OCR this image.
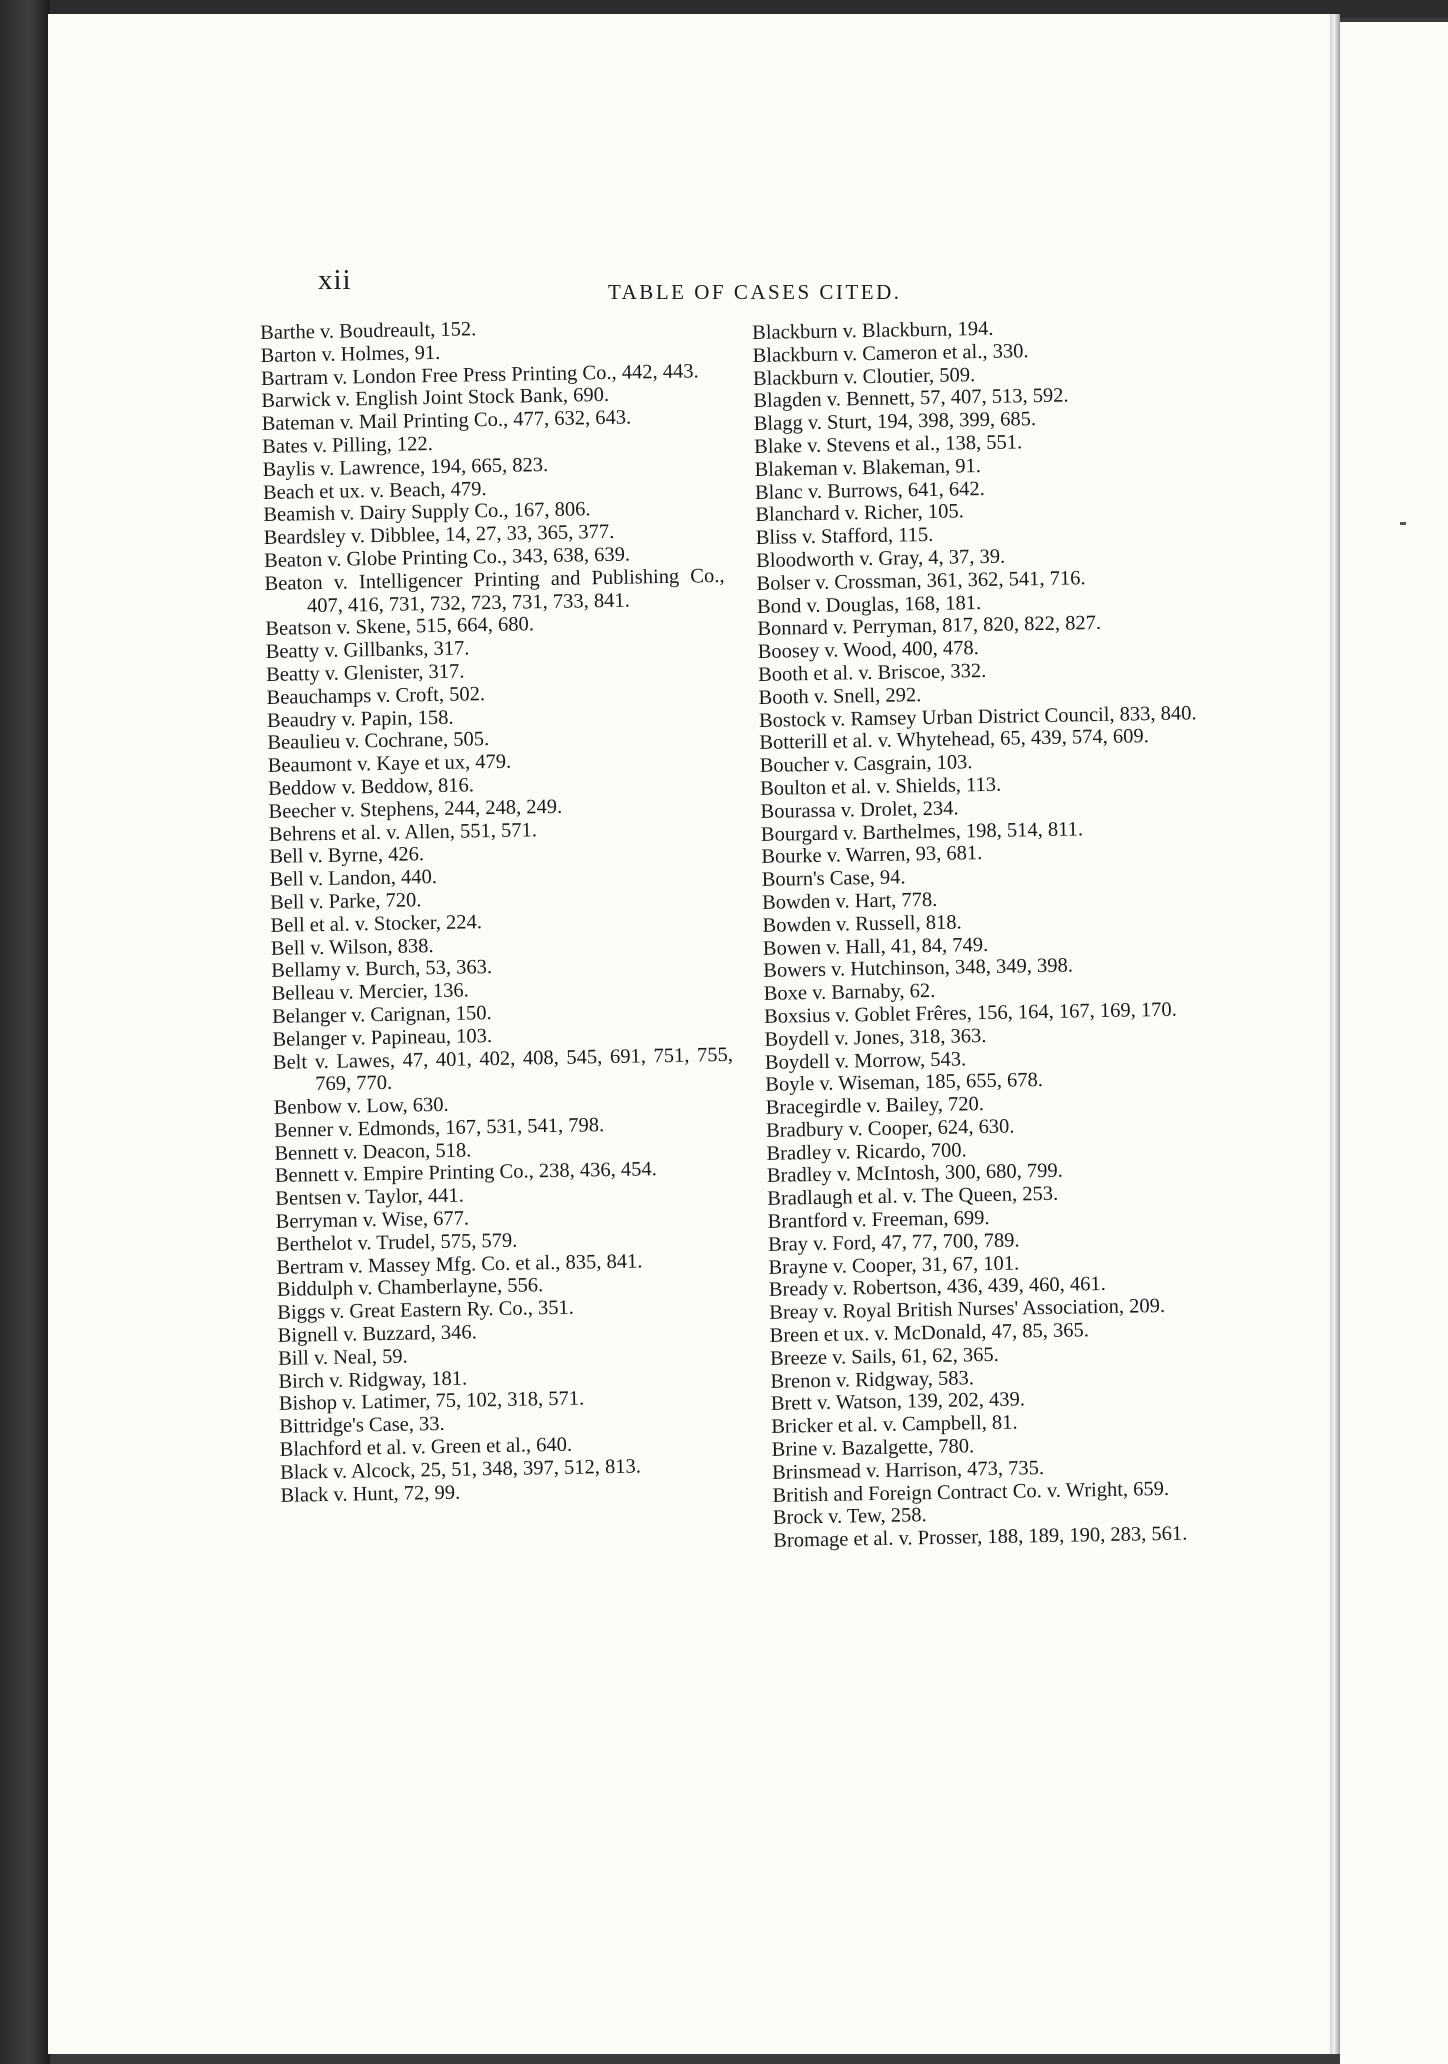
xii	TABLE OF CASES CITED.

Barthe v. Boudreault, 152.

Barton v. Holmes, 91.

Bartram v. London Free Press Printing Co., 442, 443.

Barwick v. English Joint Stock Bank, 690.

Bateman v. Mail Printing Co., 477, 632, 643.

Bates v. Pilling, 122.

Baylis v. Lawrence, 194, 665, 823.

Beach et ux. v. Beach, 479.

Beamish v. Dairy Supply Co., 167, 806.

Beardsley v. Dibblee, 14, 27, 33, 365, 377.

Beaton v. Globe Printing Co., 343, 638, 639.

Beaton v. Intelligencer Printing and Publishing Co., 407, 416, 731, 732, 723, 731, 733, 841.

Beatson v. Skene, 515, 664, 680.

Beatty v. Gillbanks, 317.

Beatty v. Glenister, 317.

Beauchamps v. Croft, 502.

Beaudry v. Papin, 158.

Beaulieu v. Cochrane, 505.

Beaumont v. Kaye et ux, 479.

Beddow v. Beddow, 816.

Beecher v. Stephens, 244, 248, 249.

Behrens et al. v. Allen, 551, 571.

Bell v. Byrne, 426.

Bell v. Landon, 440.

Bell v. Parke, 720.

Bell et al. v. Stocker, 224.

Bell v. Wilson, 838.

Bellamy v. Burch, 53, 363.

Belleau v. Mercier, 136.

Belanger v. Carignan, 150.

Belanger v. Papineau, 103.

Belt v. Lawes, 47, 401, 402, 408, 545, 691, 751, 755, 769, 770.

Benbow v. Low, 630.

Benner v. Edmonds, 167, 531, 541, 798.

Bennett v. Deacon, 518.

Bennett v. Empire Printing Co., 238, 436, 454.

Bentsen v. Taylor, 441.

Berryman v. Wise, 677.

Berthelot v. Trudel, 575, 579.

Bertram v. Massey Mfg. Co. et al., 835, 841.

Biddulph v. Chamberlayne, 556.

Biggs v. Great Eastern Ry. Co., 351.

Bignell v. Buzzard, 346.

Bill v. Neal, 59.

Birch v. Ridgway, 181.

Bishop v. Latimer, 75, 102, 318, 571.

Bittridge's Case, 33.

Blachford et al. v. Green et al., 640.

Black v. Alcock, 25, 51, 348, 397, 512, 813.

Black v. Hunt, 72, 99.

Blackburn v. Blackburn, 194.

Blackburn v. Cameron et al., 330.

Blackburn v. Cloutier, 509.

Blagden v. Bennett, 57, 407, 513, 592.

Blagg v. Sturt, 194, 398, 399, 685.

Blake v. Stevens et al., 138, 551.

Blakeman v. Blakeman, 91.

Blanc v. Burrows, 641, 642.

Blanchard v. Richer, 105.

Bliss v. Stafford, 115.

Bloodworth v. Gray, 4, 37, 39.

Bolser v. Crossman, 361, 362, 541, 716.

Bond v. Douglas, 168, 181.

Bonnard v. Perryman, 817, 820, 822, 827.

Boosey v. Wood, 400, 478.

Booth et al. v. Briscoe, 332.

Booth v. Snell, 292.

Bostock v. Ramsey Urban District Council, 833, 840.

Botterill et al. v. Whytehead, 65, 439, 574, 609.

Boucher v. Casgrain, 103.

Boulton et al. v. Shields, 113.

Bourassa v. Drolet, 234.

Bourgard v. Barthelmes, 198, 514, 811.

Bourke v. Warren, 93, 681.

Bourn's Case, 94.

Bowden v. Hart, 778.

Bowden v. Russell, 818.

Bowen v. Hall, 41, 84, 749.

Bowers v. Hutchinson, 348, 349, 398.

Boxe v. Barnaby, 62.

Boxsius v. Goblet Frêres, 156, 164, 167, 169, 170.

Boydell v. Jones, 318, 363.

Boydell v. Morrow, 543.

Boyle v. Wiseman, 185, 655, 678.

Bracegirdle v. Bailey, 720.

Bradbury v. Cooper, 624, 630.

Bradley v. Ricardo, 700.

Bradley v. McIntosh, 300, 680, 799.

Bradlaugh et al. v. The Queen, 253.

Brantford v. Freeman, 699.

Bray v. Ford, 47, 77, 700, 789.

Brayne v. Cooper, 31, 67, 101.

Bready v. Robertson, 436, 439, 460, 461.

Breay v. Royal British Nurses' Association, 209.

Breen et ux. v. McDonald, 47, 85, 365.

Breeze v. Sails, 61, 62, 365.

Brenon v. Ridgway, 583.

Brett v. Watson, 139, 202, 439.

Bricker et al. v. Campbell, 81.

Brine v. Bazalgette, 780.

Brinsmead v. Harrison, 473, 735.

British and Foreign Contract Co. v. Wright, 659.

Brock v. Tew, 258.

Bromage et al. v. Prosser, 188, 189, 190, 283, 561.
